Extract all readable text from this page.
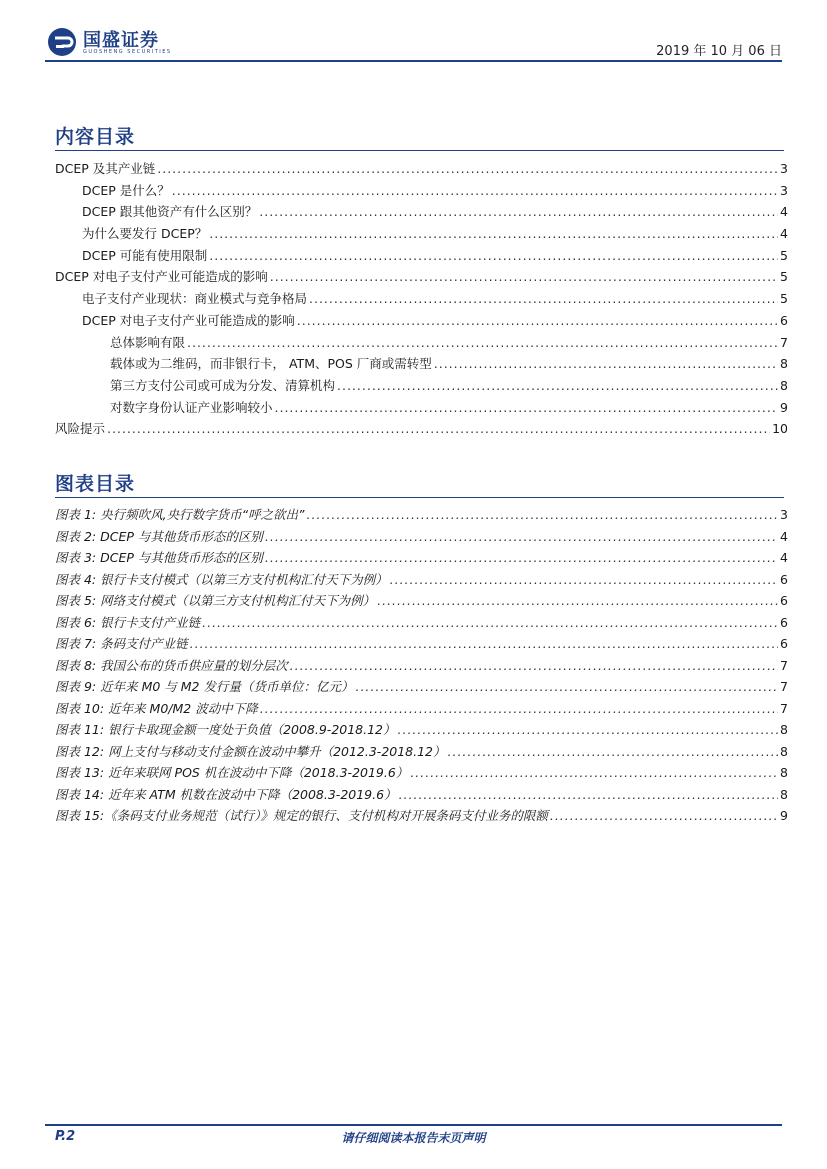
国盛证券
GUOSHENG SECURITIES	2019 年 10 月 06 日
内容目录
DCEP 及其产业链 .....	3
DCEP 是什么？ .....	3
DCEP 跟其他资产有什么区别？ .....	4
为什么要发行 DCEP？ .....	4
DCEP 可能有使用限制 .....	5
DCEP 对电子支付产业可能造成的影响 .....	5
电子支付产业现状：商业模式与竞争格局 .....	5
DCEP 对电子支付产业可能造成的影响 .....	6
总体影响有限 .....	7
载体或为二维码，而非银行卡， ATM、POS 厂商或需转型 .....	8
第三方支付公司或可成为分发、清算机构 .....	8
对数字身份认证产业影响较小 .....	9
风险提示 .....	10
图表目录
图表 1: 央行频吹风,央行数字货币“呼之欲出” .....	3
图表 2: DCEP 与其他货币形态的区别 .....	4
图表 3: DCEP 与其他货币形态的区别 .....	4
图表 4: 银行卡支付模式（以第三方支付机构汇付天下为例） .....	6
图表 5: 网络支付模式（以第三方支付机构汇付天下为例） .....	6
图表 6: 银行卡支付产业链 .....	6
图表 7: 条码支付产业链 .....	6
图表 8: 我国公布的货币供应量的划分层次 .....	7
图表 9: 近年来 M0 与 M2 发行量（货币单位：亿元） .....	7
图表 10: 近年来 M0/M2 波动中下降 .....	7
图表 11: 银行卡取现金额一度处于负值（2008.9-2018.12） .....	8
图表 12: 网上支付与移动支付金额在波动中攀升（2012.3-2018.12） .....	8
图表 13: 近年来联网 POS 机在波动中下降（2018.3-2019.6） .....	8
图表 14: 近年来 ATM 机数在波动中下降（2008.3-2019.6） .....	8
图表 15:《条码支付业务规范（试行）》规定的银行、支付机构对开展条码支付业务的限额 .....	9
P.2	请仔细阅读本报告末页声明
